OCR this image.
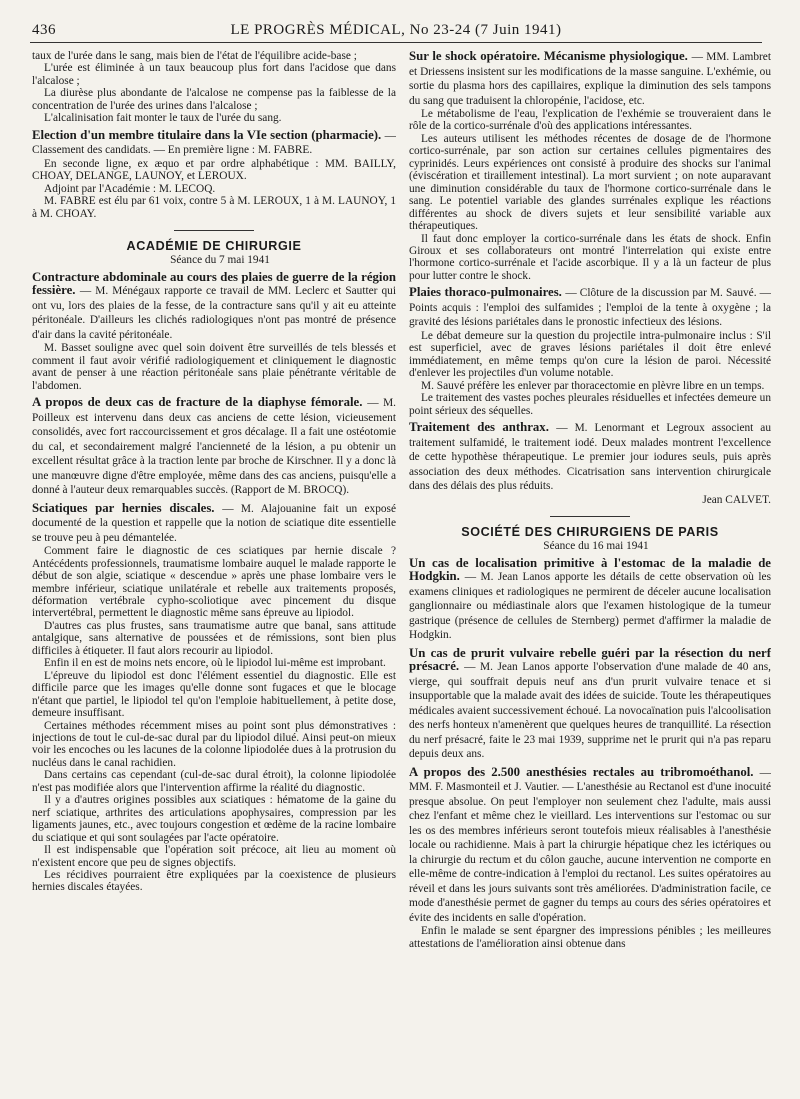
436	LE PROGRÈS MÉDICAL, No 23-24 (7 Juin 1941)

taux de l'urée dans le sang, mais bien de l'état de l'équilibre acide-base ;

L'urée est éliminée à un taux beaucoup plus fort dans l'acidose que dans l'alcalose ;

La diurèse plus abondante de l'alcalose ne compense pas la faiblesse de la concentration de l'urée des urines dans l'alcalose ;

L'alcalinisation fait monter le taux de l'urée du sang.

Election d'un membre titulaire dans la VIe section (pharmacie). — Classement des candidats. — En première ligne : M. FABRE.

En seconde ligne, ex æquo et par ordre alphabétique : MM. BAILLY, CHOAY, DELANGE, LAUNOY, et LEROUX.

Adjoint par l'Académie : M. LECOQ.

M. FABRE est élu par 61 voix, contre 5 à M. LEROUX, 1 à M. LAUNOY, 1 à M. CHOAY.

ACADÉMIE DE CHIRURGIE

Séance du 7 mai 1941

Contracture abdominale au cours des plaies de guerre de la région fessière. — M. Ménégaux rapporte ce travail de MM. Leclerc et Sautter qui ont vu, lors des plaies de la fesse, de la contracture sans qu'il y ait eu atteinte péritonéale. D'ailleurs les clichés radiologiques n'ont pas montré de présence d'air dans la cavité péritonéale.

M. Basset souligne avec quel soin doivent être surveillés de tels blessés et comment il faut avoir vérifié radiologiquement et cliniquement le diagnostic avant de penser à une réaction péritonéale sans plaie pénétrante véritable de l'abdomen.

A propos de deux cas de fracture de la diaphyse fémorale. — M. Poilleux est intervenu dans deux cas anciens de cette lésion, vicieusement consolidés, avec fort raccourcissement et gros décalage. Il a fait une ostéotomie du cal, et secondairement malgré l'ancienneté de la lésion, a pu obtenir un excellent résultat grâce à la traction lente par broche de Kirschner. Il y a donc là une manœuvre digne d'être employée, même dans des cas anciens, puisqu'elle a donné à l'auteur deux remarquables succès. (Rapport de M. BROCQ).
Sciatiques par hernies discales. — M. Alajouanine fait un exposé documenté de la question et rappelle que la notion de sciatique dite essentielle se trouve peu à peu démantelée.

Comment faire le diagnostic de ces sciatiques par hernie discale ? Antécédents professionnels, traumatisme lombaire auquel le malade rapporte le début de son algie, sciatique « descendue » après une phase lombaire vers le membre inférieur, sciatique unilatérale et rebelle aux traitements proposés, déformation vertébrale cypho-scoliotique avec pincement du disque intervertébral, permettent le diagnostic même sans épreuve au lipiodol.

D'autres cas plus frustes, sans traumatisme autre que banal, sans attitude antalgique, sans alternative de poussées et de rémissions, sont bien plus difficiles à étiqueter. Il faut alors recourir au lipiodol.

Enfin il en est de moins nets encore, où le lipiodol lui-même est improbant.

L'épreuve du lipiodol est donc l'élément essentiel du diagnostic. Elle est difficile parce que les images qu'elle donne sont fugaces et que le blocage n'étant que partiel, le lipiodol tel qu'on l'emploie habituellement, à petite dose, demeure insuffisant.

Certaines méthodes récemment mises au point sont plus démonstratives : injections de tout le cul-de-sac dural par du lipiodol dilué. Ainsi peut-on mieux voir les encoches ou les lacunes de la colonne lipiodolée dues à la protrusion du nucléus dans le canal rachidien.

Dans certains cas cependant (cul-de-sac dural étroit), la colonne lipiodolée n'est pas modifiée alors que l'intervention affirme la réalité du diagnostic.

Il y a d'autres origines possibles aux sciatiques : hématome de la gaine du nerf sciatique, arthrites des articulations apophysaires, compression par les ligaments jaunes, etc., avec toujours congestion et œdème de la racine lombaire du sciatique et qui sont soulagées par l'acte opératoire.

Il est indispensable que l'opération soit précoce, ait lieu au moment où n'existent encore que peu de signes objectifs.

Les récidives pourraient être expliquées par la coexistence de plusieurs hernies discales étayées.

Sur le shock opératoire. Mécanisme physiologique. — MM. Lambret et Driessens insistent sur les modifications de la masse sanguine. L'exhémie, ou sortie du plasma hors des capillaires, explique la diminution des sels tampons du sang que traduisent la chloropénie, l'acidose, etc.

Le métabolisme de l'eau, l'explication de l'exhémie se trouveraient dans le rôle de la cortico-surrénale d'où des applications intéressantes.

Les auteurs utilisent les méthodes récentes de dosage de de l'hormone cortico-surrénale, par son action sur certaines cellules pigmentaires des cyprinidés. Leurs expériences ont consisté à produire des shocks sur l'animal (éviscération et tiraillement intestinal). La mort survient ; on note auparavant une diminution considérable du taux de l'hormone cortico-surrénale dans le sang. Le potentiel variable des glandes surrénales explique les réactions différentes au shock de divers sujets et leur sensibilité variable aux thérapeutiques.

Il faut donc employer la cortico-surrénale dans les états de shock. Enfin Giroux et ses collaborateurs ont montré l'interrelation qui existe entre l'hormone cortico-surrénale et l'acide ascorbique. Il y a là un facteur de plus pour lutter contre le shock.

Plaies thoraco-pulmonaires. — Clôture de la discussion par M. Sauvé. — Points acquis : l'emploi des sulfamides ; l'emploi de la tente à oxygène ; la gravité des lésions pariétales dans le pronostic infectieux des lésions.

Le débat demeure sur la question du projectile intra-pulmonaire inclus : S'il est superficiel, avec de graves lésions pariétales il doit être enlevé immédiatement, en même temps qu'on cure la lésion de paroi. Nécessité d'enlever les projectiles d'un volume notable.

M. Sauvé préfère les enlever par thoracectomie en plèvre libre en un temps.

Le traitement des vastes poches pleurales résiduelles et infectées demeure un point sérieux des séquelles.

Traitement des anthrax. — M. Lenormant et Legroux associent au traitement sulfamidé, le traitement iodé. Deux malades montrent l'excellence de cette hypothèse thérapeutique. Le premier jour iodures seuls, puis après association des deux méthodes. Cicatrisation sans intervention chirurgicale dans des délais des plus réduits.

Jean CALVET.

SOCIÉTÉ DES CHIRURGIENS DE PARIS

Séance du 16 mai 1941

Un cas de localisation primitive à l'estomac de la maladie de Hodgkin. — M. Jean Lanos apporte les détails de cette observation où les examens cliniques et radiologiques ne permirent de déceler aucune localisation ganglionnaire ou médiastinale alors que l'examen histologique de la tumeur gastrique (présence de cellules de Sternberg) permet d'affirmer la maladie de Hodgkin.
Un cas de prurit vulvaire rebelle guéri par la résection du nerf présacré. — M. Jean Lanos apporte l'observation d'une malade de 40 ans, vierge, qui souffrait depuis neuf ans d'un prurit vulvaire tenace et si insupportable que la malade avait des idées de suicide. Toute les thérapeutiques médicales avaient successivement échoué. La novocaïnation puis l'alcoolisation des nerfs honteux n'amenèrent que quelques heures de tranquillité. La résection du nerf présacré, faite le 23 mai 1939, supprime net le prurit qui n'a pas reparu depuis deux ans.
A propos des 2.500 anesthésies rectales au tribromoéthanol. — MM. F. Masmonteil et J. Vautier. — L'anesthésie au Rectanol est d'une inocuité presque absolue. On peut l'employer non seulement chez l'adulte, mais aussi chez l'enfant et même chez le vieillard. Les interventions sur l'estomac ou sur les os des membres inférieurs seront toutefois mieux réalisables à l'anesthésie locale ou rachidienne. Mais à part la chirurgie hépatique chez les ictériques ou la chirurgie du rectum et du côlon gauche, aucune intervention ne comporte en elle-même de contre-indication à l'emploi du rectanol. Les suites opératoires au réveil et dans les jours suivants sont très améliorées. D'administration facile, ce mode d'anesthésie permet de gagner du temps au cours des séries opératoires et évite des incidents en salle d'opération.

Enfin le malade se sent épargner des impressions pénibles ; les meilleures attestations de l'amélioration ainsi obtenue dans
